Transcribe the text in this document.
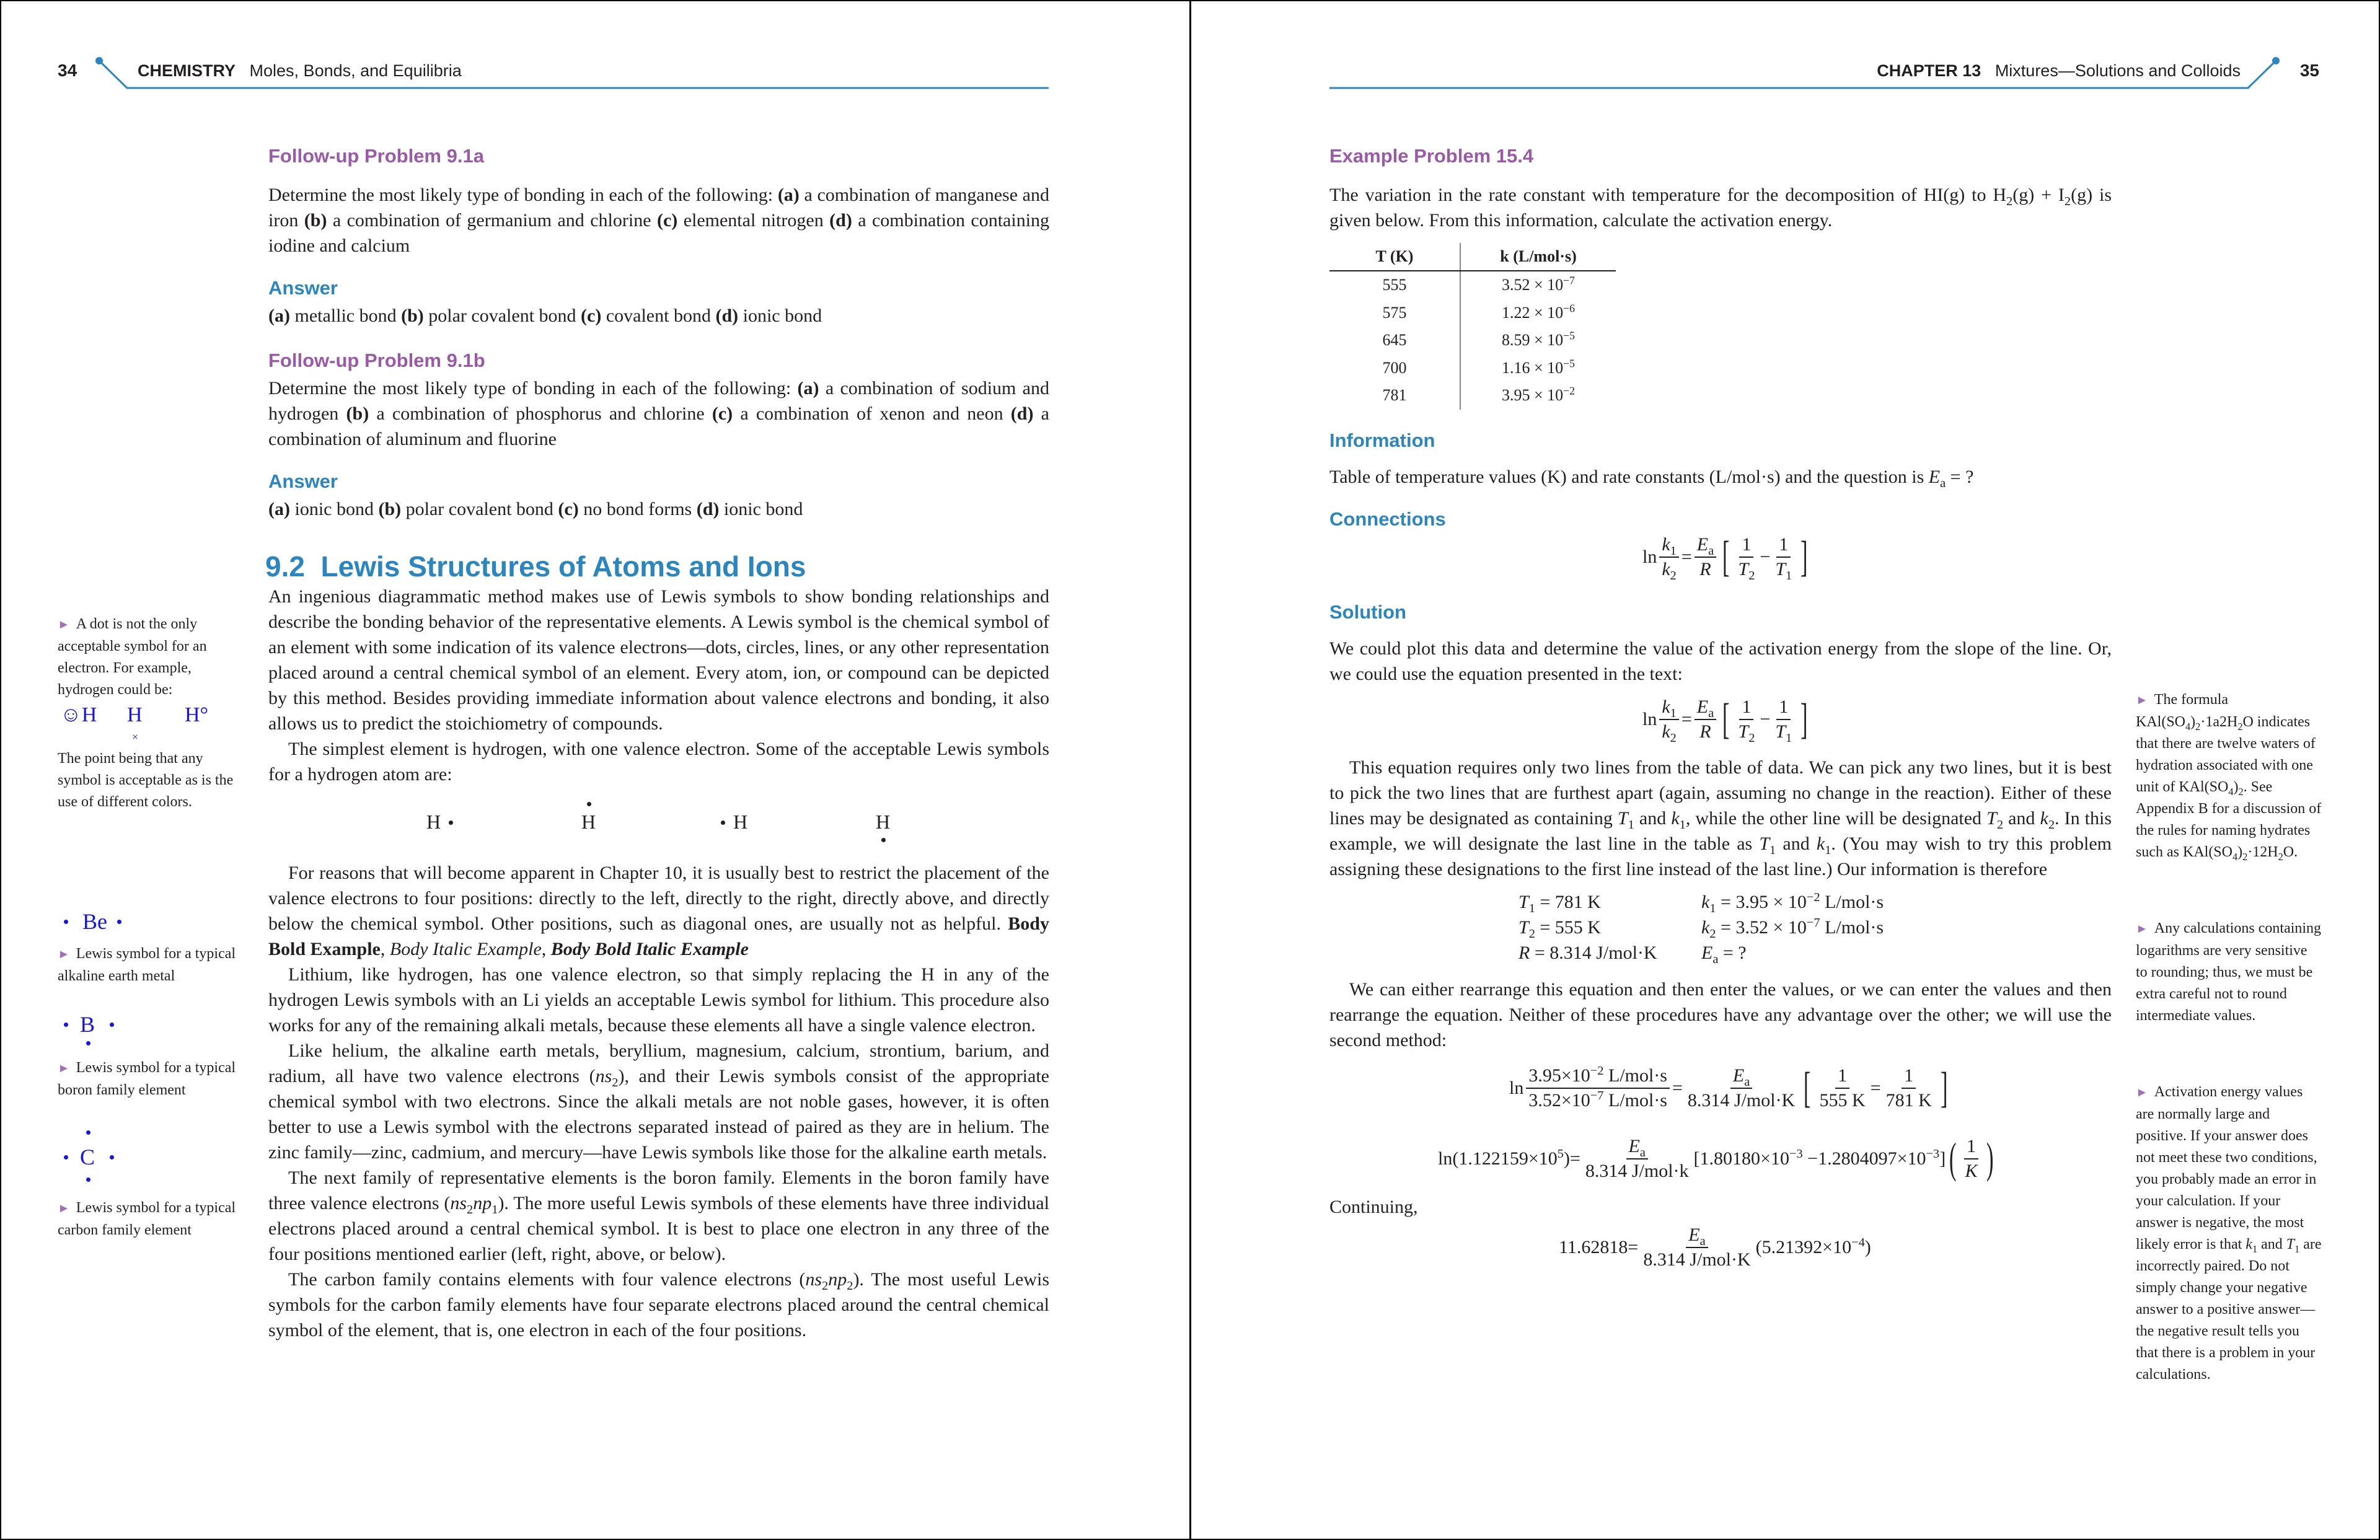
34	CHEMISTRY Moles, Bonds, and Equilibria
Follow-up Problem 9.1a
Determine the most likely type of bonding in each of the following: (a) a combination of manganese and iron (b) a combination of germanium and chlorine (c) elemental nitrogen (d) a combination containing iodine and calcium
Answer
(a) metallic bond (b) polar covalent bond (c) covalent bond (d) ionic bond
Follow-up Problem 9.1b
Determine the most likely type of bonding in each of the following: (a) a combination of sodium and hydrogen (b) a combination of phosphorus and chlorine (c) a combination of xenon and neon (d) a combination of aluminum and fluorine
Answer
(a) ionic bond (b) polar covalent bond (c) no bond forms (d) ionic bond
9.2 Lewis Structures of Atoms and Ions
An ingenious diagrammatic method makes use of Lewis symbols to show bonding relationships and describe the bonding behavior of the representative elements. A Lewis symbol is the chemical symbol of an element with some indication of its valence electrons—dots, circles, lines, or any other representation placed around a central chemical symbol of an element. Every atom, ion, or compound can be depicted by this method. Besides providing immediate information about valence electrons and bonding, it also allows us to predict the stoichiometry of compounds.
The simplest element is hydrogen, with one valence electron. Some of the acceptable Lewis symbols for a hydrogen atom are:
H	H	H	H
For reasons that will become apparent in Chapter 10, it is usually best to restrict the placement of the valence electrons to four positions: directly to the left, directly to the right, directly above, and directly below the chemical symbol. Other positions, such as diagonal ones, are usually not as helpful. Body Bold Example, Body Italic Example, Body Bold Italic Example
Lithium, like hydrogen, has one valence electron, so that simply replacing the H in any of the hydrogen Lewis symbols with an Li yields an acceptable Lewis symbol for lithium. This procedure also works for any of the remaining alkali metals, because these elements all have a single valence electron.
Like helium, the alkaline earth metals, beryllium, magnesium, calcium, strontium, barium, and radium, all have two valence electrons $(ns_2)$, and their Lewis symbols consist of the appropriate chemical symbol with two electrons. Since the alkali metals are not noble gases, however, it is often better to use a Lewis symbol with the electrons separated instead of paired as they are in helium. The zinc family—zinc, cadmium, and mercury—have Lewis symbols like those for the alkaline earth metals.
The next family of representative elements is the boron family. Elements in the boron family have three valence electrons $(ns_2np_1)$. The more useful Lewis symbols of these elements have three individual electrons placed around a central chemical symbol. It is best to place one electron in any three of the four positions mentioned earlier (left, right, above, or below).
The carbon family contains elements with four valence electrons $(ns_2np_2)$. The most useful Lewis symbols for the carbon family elements have four separate electrons placed around the central chemical symbol of the element, that is, one electron in each of the four positions.
► A dot is not the only acceptable symbol for an electron. For example, hydrogen could be:
☺H H
×
H°
The point being that any symbol is acceptable as is the use of different colors.
Be
► Lewis symbol for a typical alkaline earth metal
B
► Lewis symbol for a typical boron family element
C
► Lewis symbol for a typical carbon family element
CHAPTER 13 Mixtures—Solutions and Colloids	35
Example Problem 15.4
The variation in the rate constant with temperature for the decomposition of HI(g) to $H_2(g) + I_2(g)$ is given below. From this information, calculate the activation energy.
T (K)	k (L/mol·s)
555	$3.52 \times 10^{-7}$
575	$1.22 \times 10^{-6}$
645	$8.59 \times 10^{-5}$
700	$1.16 \times 10^{-5}$
781	$3.95 \times 10^{-2}$
Information
Table of temperature values (K) and rate constants (L/mol·s) and the question is $E_a$ = ?
Connections
$\ln \frac{k_1}{k_2} = \frac{E_a}{R}$ [ $\frac{1}{T_2} - \frac{1}{T_1}$ ]
Solution
We could plot this data and determine the value of the activation energy from the slope of the line. Or, we could use the equation presented in the text:
$\ln \frac{k_1}{k_2} = \frac{E_a}{R}$ [ $\frac{1}{T_2} - \frac{1}{T_1}$ ]
This equation requires only two lines from the table of data. We can pick any two lines, but it is best to pick the two lines that are furthest apart (again, assuming no change in the reaction). Either of these lines may be designated as containing $T_1$ and $k_1$, while the other line will be designated $T_2$ and $k_2$. In this example, we will designate the last line in the table as $T_1$ and $k_1$. (You may wish to try this problem assigning these designations to the first line instead of the last line.) Our information is therefore
$T_1 = 781$ K	$k_1 = 3.95 \times 10^{-2}$ L/mol·s
$T_2 = 555$ K	$k_2 = 3.52 \times 10^{-7}$ L/mol·s
R = 8.314 J/mol·K	$E_a$ = ?
We can either rearrange this equation and then enter the values, or we can enter the values and then rearrange the equation. Neither of these procedures have any advantage over the other; we will use the second method:
$\ln \frac{3.95\times 10^{-2} L/mol\cdot s}{3.52\times 10^{-7} L/mol\cdot s} = \frac{E_a}{\text{8.314 J/mol·K}}$ [ $\frac{1}{555 K} = \frac{1}{781 K}$ ]
$\ln(1.122159\times 10^5) = \frac{E_a}{\text{8.314 J/mol·k}} [1.80180\times 10^{-3} -1.2804097\times 10^{-3}]$ ( $\frac{1}{K}$ )
Continuing,
$11.62818 = \frac{E_a}{\text{8.314 J/mol·K}} (5.21392\times 10^{-4})$
► The formula $KAl(SO_4)_2\cdot 1a2H_2O$ indicates that there are twelve waters of hydration associated with one unit of $KAl(SO_4)_2$. See Appendix B for a discussion of the rules for naming hydrates such as $KAl(SO_4)_2\cdot 12H_2O$.
► Any calculations containing logarithms are very sensitive to rounding; thus, we must be extra careful not to round intermediate values.
► Activation energy values are normally large and positive. If your answer does not meet these two conditions, you probably made an error in your calculation. If your answer is negative, the most likely error is that $k_1$ and $T_1$ are incorrectly paired. Do not simply change your negative answer to a positive answer—the negative result tells you that there is a problem in your calculations.
